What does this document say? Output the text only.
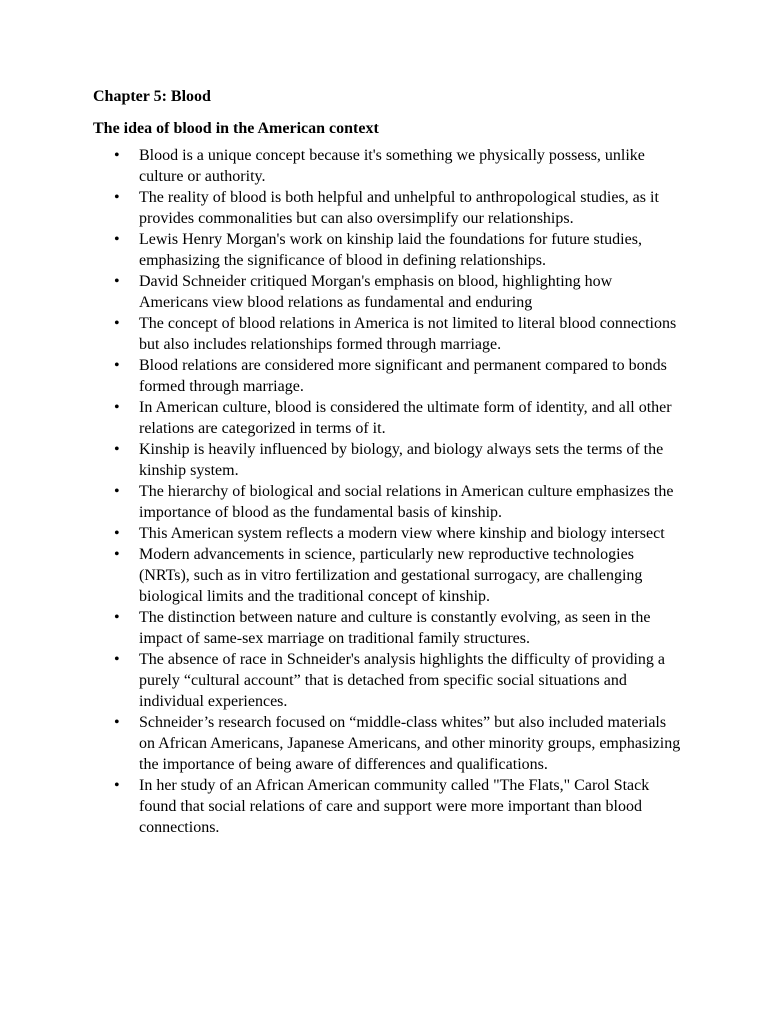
Chapter 5: Blood
The idea of blood in the American context
• Blood is a unique concept because it's something we physically possess, unlike culture or authority.
• The reality of blood is both helpful and unhelpful to anthropological studies, as it provides commonalities but can also oversimplify our relationships.
• Lewis Henry Morgan's work on kinship laid the foundations for future studies, emphasizing the significance of blood in defining relationships.
• David Schneider critiqued Morgan's emphasis on blood, highlighting how Americans view blood relations as fundamental and enduring
• The concept of blood relations in America is not limited to literal blood connections but also includes relationships formed through marriage.
• Blood relations are considered more significant and permanent compared to bonds formed through marriage.
• In American culture, blood is considered the ultimate form of identity, and all other relations are categorized in terms of it.
• Kinship is heavily influenced by biology, and biology always sets the terms of the kinship system.
• The hierarchy of biological and social relations in American culture emphasizes the importance of blood as the fundamental basis of kinship.
• This American system reflects a modern view where kinship and biology intersect
• Modern advancements in science, particularly new reproductive technologies (NRTs), such as in vitro fertilization and gestational surrogacy, are challenging biological limits and the traditional concept of kinship.
• The distinction between nature and culture is constantly evolving, as seen in the impact of same-sex marriage on traditional family structures.
• The absence of race in Schneider's analysis highlights the difficulty of providing a purely “cultural account” that is detached from specific social situations and individual experiences.
• Schneider’s research focused on “middle-class whites” but also included materials on African Americans, Japanese Americans, and other minority groups, emphasizing the importance of being aware of differences and qualifications.
• In her study of an African American community called "The Flats," Carol Stack found that social relations of care and support were more important than blood connections.
